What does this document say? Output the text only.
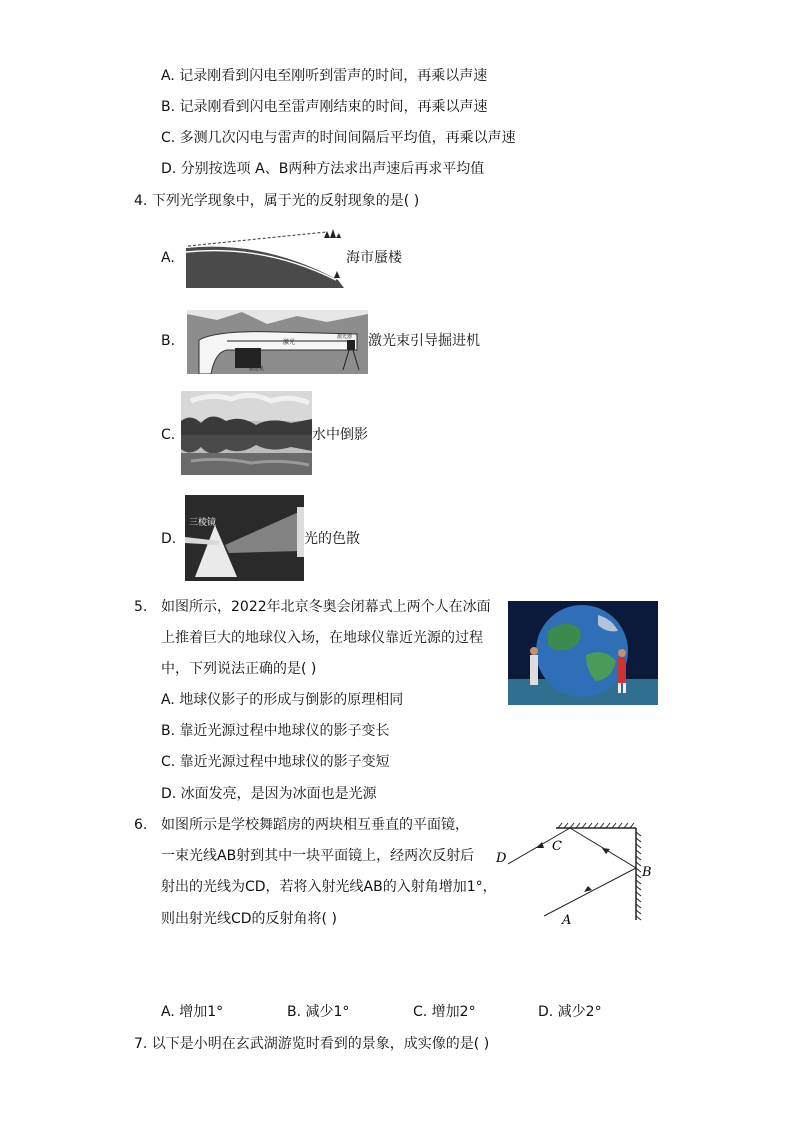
A. 记录刚看到闪电至刚听到雷声的时间，再乘以声速
B. 记录刚看到闪电至雷声刚结束的时间，再乘以声速
C. 多测几次闪电与雷声的时间间隔后平均值，再乘以声速
D. 分别按选项 A、B两种方法求出声速后再求平均值
4. 下列光学现象中，属于光的反射现象的是( )
A.	海市蜃楼
B.	激光
掘进机
激光器 激光束引导掘进机
C.	水中倒影
D.
三棱镜
光的色散
5. 如图所示，2022年北京冬奥会闭幕式上两个人在冰面
上推着巨大的地球仪入场，在地球仪靠近光源的过程
中，下列说法正确的是( )
A. 地球仪影子的形成与倒影的原理相同
B. 靠近光源过程中地球仪的影子变长
C. 靠近光源过程中地球仪的影子变短
D. 冰面发亮，是因为冰面也是光源
6. 如图所示是学校舞蹈房的两块相互垂直的平面镜，
一束光线AB射到其中一块平面镜上，经两次反射后
射出的光线为CD，若将入射光线AB的入射角增加1°，
则出射光线CD的反射角将( )	A
B
C
D
A. 增加1°	B. 减少1°	C. 增加2°	D. 减少2°
7. 以下是小明在玄武湖游览时看到的景象，成实像的是( )
